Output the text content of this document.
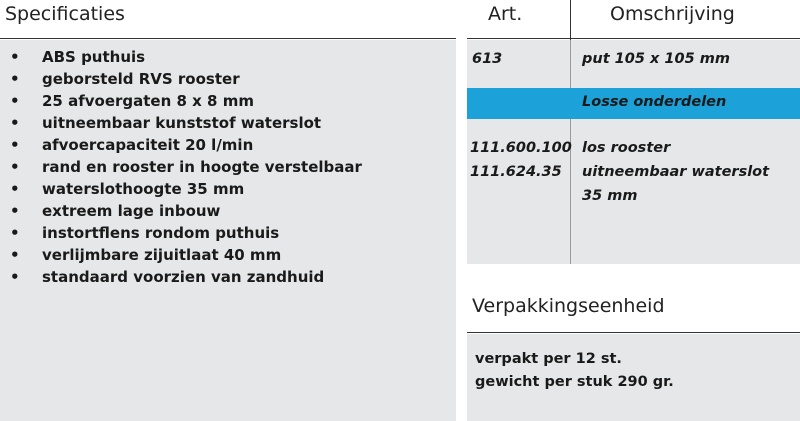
Specificaties
• ABS puthuis
• geborsteld RVS rooster
• 25 afvoergaten 8 x 8 mm
• uitneembaar kunststof waterslot
• afvoercapaciteit 20 l/min
• rand en rooster in hoogte verstelbaar
• waterslothoogte 35 mm
• extreem lage inbouw
• instortflens rondom puthuis
• verlijmbare zijuitlaat 40 mm
• standaard voorzien van zandhuid
Art.	Omschrijving
613	put 105 x 105 mm
Losse onderdelen
111.600.100
111.624.35
los rooster
uitneembaar waterslot
35 mm
Verpakkingseenheid
verpakt per 12 st.
gewicht per stuk 290 gr.
